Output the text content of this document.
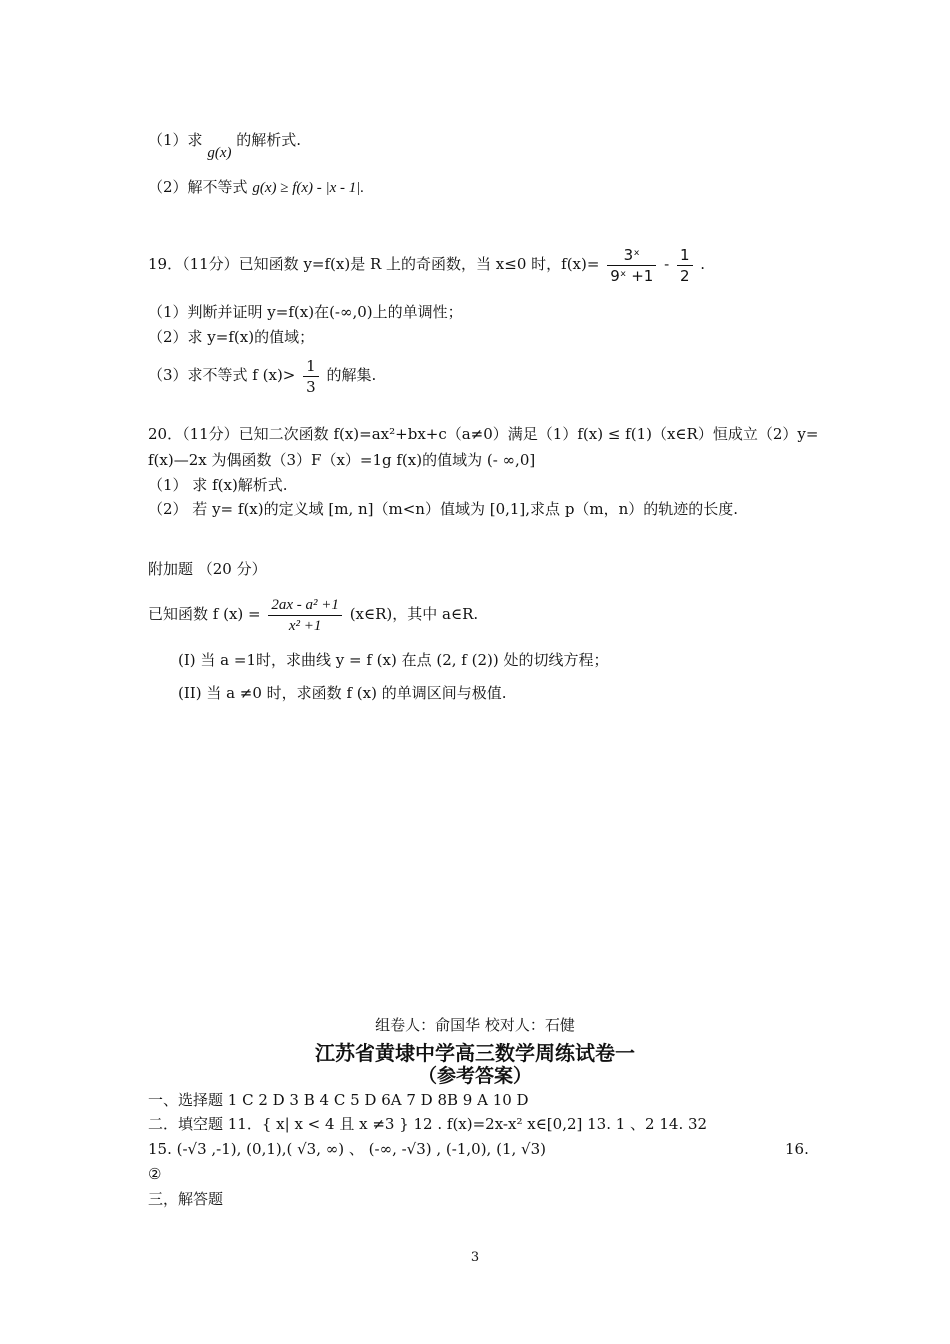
（1）求 g(x) 的解析式.
（2）解不等式 g(x) ≥ f(x) - |x - 1|.
19．（11分）已知函数 y=f(x)是 R 上的奇函数，当 x≤0 时，$f(x)= \frac{\text{3ˣ}}{\text{9ˣ +1}} - \frac{1}{2}$ .
（1）判断并证明 y=f(x)在(-∞,0)上的单调性；
（2）求 y=f(x)的值域；
（3）求不等式 f $(x)> \frac{1}{3}$ 的解集.
20．（11分）已知二次函数 f(x)=ax²+bx+c（a≠0）满足（1）f(x) ≤ f(1)（x∈R）恒成立（2）y=
f(x)—2x 为偶函数（3）F（x）=1g f(x)的值域为 (- ∞,0]
（1） 求 f(x)解析式.
（2） 若 y= f(x)的定义域 [m, n]（m<n）值域为 [0,1],求点 p（m，n）的轨迹的长度.
附加题 （20 分）
已知函数 f $(x) = \frac{\text{2ax - a² +1}}{\text{x² +1}}$ (x∈R)，其中 a∈R.
(I) 当 a =1时，求曲线 y = f (x) 在点 (2, f (2)) 处的切线方程；
(II) 当 a ≠0 时，求函数 f (x) 的单调区间与极值.
组卷人：俞国华 校对人：石健
江苏省黄埭中学高三数学周练试卷一
（参考答案）
一、选择题 1 C 2 D 3 B 4 C 5 D 6A 7 D 8B 9 A 10 D
二．填空题 11．{ x| x < 4 且 x ≠3 } 12 . f(x)=2x-x² x∈[0,2] 13. 1 、2 14. 32
15. (-√3 ,-1), (0,1),( √3, ∞) 、 (-∞, -√3) , (-1,0), (1, √3)	16.
②
三，解答题
3
